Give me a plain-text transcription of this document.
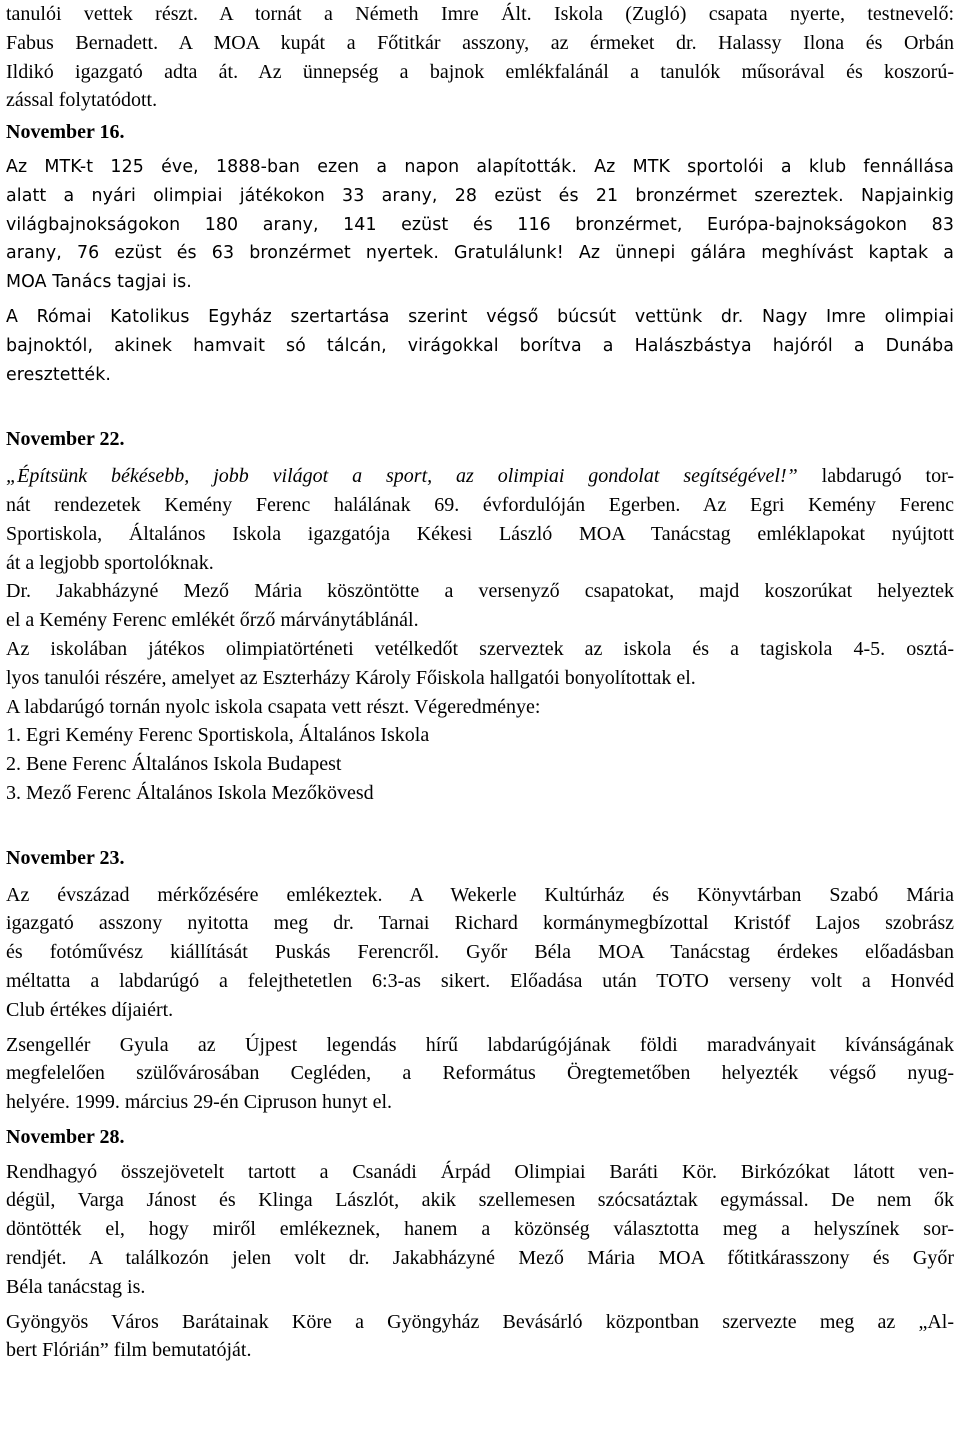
tanulói vettek részt. A tornát a Németh Imre Ált. Iskola (Zugló) csapata nyerte, testnevelő:

Fabus Bernadett. A MOA kupát a Főtitkár asszony, az érmeket dr. Halassy Ilona és Orbán

Ildikó igazgató adta át. Az ünnepség a bajnok emlékfalánál a tanulók műsorával és koszorú-

zással folytatódott.

November 16.

Az MTK-t 125 éve, 1888-ban ezen a napon alapították. Az MTK sportolói a klub fennállása

alatt a nyári olimpiai játékokon 33 arany, 28 ezüst és 21 bronzérmet szereztek. Napjainkig

világbajnokságokon 180 arany, 141 ezüst és 116 bronzérmet, Európa-bajnokságokon 83

arany, 76 ezüst és 63 bronzérmet nyertek. Gratulálunk! Az ünnepi gálára meghívást kaptak a

MOA Tanács tagjai is.

A Római Katolikus Egyház szertartása szerint végső búcsút vettünk dr. Nagy Imre olimpiai

bajnoktól, akinek hamvait só tálcán, virágokkal borítva a Halászbástya hajóról a Dunába

eresztették.

November 22.

„Építsünk békésebb, jobb világot a sport, az olimpiai gondolat segítségével!” labdarugó tor-

nát rendezetek Kemény Ferenc halálának 69. évfordulóján Egerben. Az Egri Kemény Ferenc

Sportiskola, Általános Iskola igazgatója Kékesi László MOA Tanácstag emléklapokat nyújtott

át a legjobb sportolóknak.

Dr. Jakabházyné Mező Mária köszöntötte a versenyző csapatokat, majd koszorúkat helyeztek

el a Kemény Ferenc emlékét őrző márványtáblánál.

Az iskolában játékos olimpiatörténeti vetélkedőt szerveztek az iskola és a tagiskola 4-5. osztá-

lyos tanulói részére, amelyet az Eszterházy Károly Főiskola hallgatói bonyolítottak el.

A labdarúgó tornán nyolc iskola csapata vett részt. Végeredménye:

1. Egri Kemény Ferenc Sportiskola, Általános Iskola

2. Bene Ferenc Általános Iskola Budapest

3. Mező Ferenc Általános Iskola Mezőkövesd

November 23.

Az évszázad mérkőzésére emlékeztek. A Wekerle Kultúrház és Könyvtárban Szabó Mária

igazgató asszony nyitotta meg dr. Tarnai Richard kormánymegbízottal Kristóf Lajos szobrász

és fotóművész kiállítását Puskás Ferencről. Győr Béla MOA Tanácstag érdekes előadásban

méltatta a labdarúgó a felejthetetlen 6:3-as sikert. Előadása után TOTO verseny volt a Honvéd

Club értékes díjaiért.

Zsengellér Gyula az Újpest legendás hírű labdarúgójának földi maradványait kívánságának

megfelelően szülővárosában Cegléden, a Református Öregtemetőben helyezték végső nyug-

helyére. 1999. március 29-én Cipruson hunyt el.

November 28.

Rendhagyó összejövetelt tartott a Csanádi Árpád Olimpiai Baráti Kör. Birkózókat látott ven-

dégül, Varga Jánost és Klinga Lászlót, akik szellemesen szócsatáztak egymással. De nem ők

döntötték el, hogy miről emlékeznek, hanem a közönség választotta meg a helyszínek sor-

rendjét. A találkozón jelen volt dr. Jakabházyné Mező Mária MOA főtitkárasszony és Győr

Béla tanácstag is.

Gyöngyös Város Barátainak Köre a Gyöngyház Bevásárló központban szervezte meg az „Al-

bert Flórián” film bemutatóját.
